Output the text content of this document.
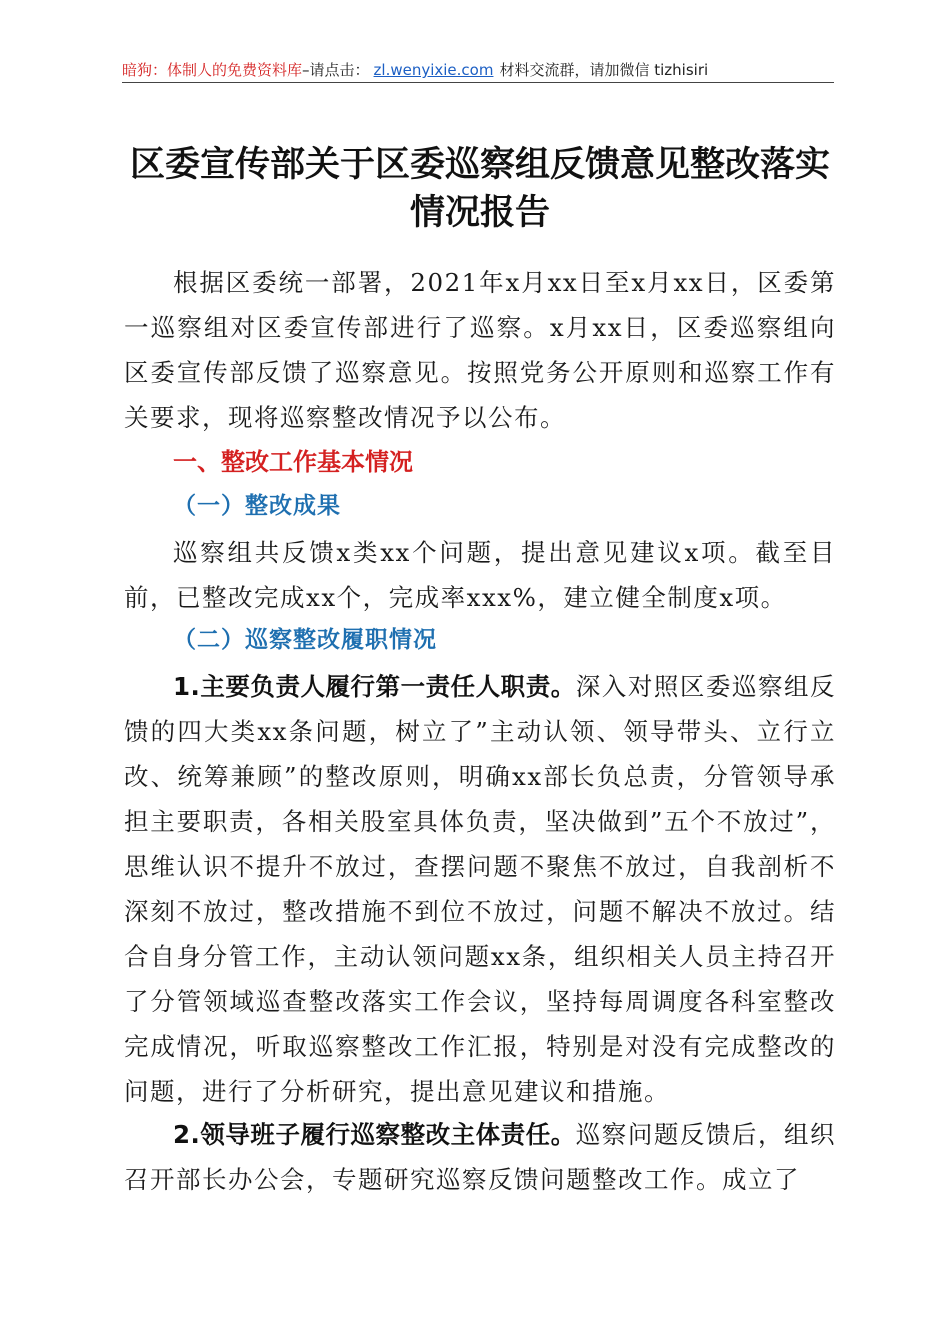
暗狗：体制人的免费资料库–请点击： zl.wenyixie.com 材料交流群，请加微信 tizhisiri
区委宣传部关于区委巡察组反馈意见整改落实
情况报告

根据区委统一部署，2021年x月xx日至x月xx日，区委第一巡察组对区委宣传部进行了巡察。x月xx日，区委巡察组向区委宣传部反馈了巡察意见。按照党务公开原则和巡察工作有关要求，现将巡察整改情况予以公布。

一、整改工作基本情况
（一）整改成果

巡察组共反馈x类xx个问题，提出意见建议x项。截至目前，已整改完成xx个，完成率xxx%，建立健全制度x项。

（二）巡察整改履职情况

1.主要负责人履行第一责任人职责。深入对照区委巡察组反馈的四大类xx条问题，树立了”主动认领、领导带头、立行立改、统筹兼顾”的整改原则，明确xx部长负总责，分管领导承担主要职责，各相关股室具体负责，坚决做到”五个不放过”，思维认识不提升不放过，查摆问题不聚焦不放过，自我剖析不深刻不放过，整改措施不到位不放过，问题不解决不放过。结合自身分管工作，主动认领问题xx条，组织相关人员主持召开了分管领域巡查整改落实工作会议，坚持每周调度各科室整改完成情况，听取巡察整改工作汇报，特别是对没有完成整改的问题，进行了分析研究，提出意见建议和措施。

2.领导班子履行巡察整改主体责任。巡察问题反馈后，组织召开部长办公会，专题研究巡察反馈问题整改工作。成立了
